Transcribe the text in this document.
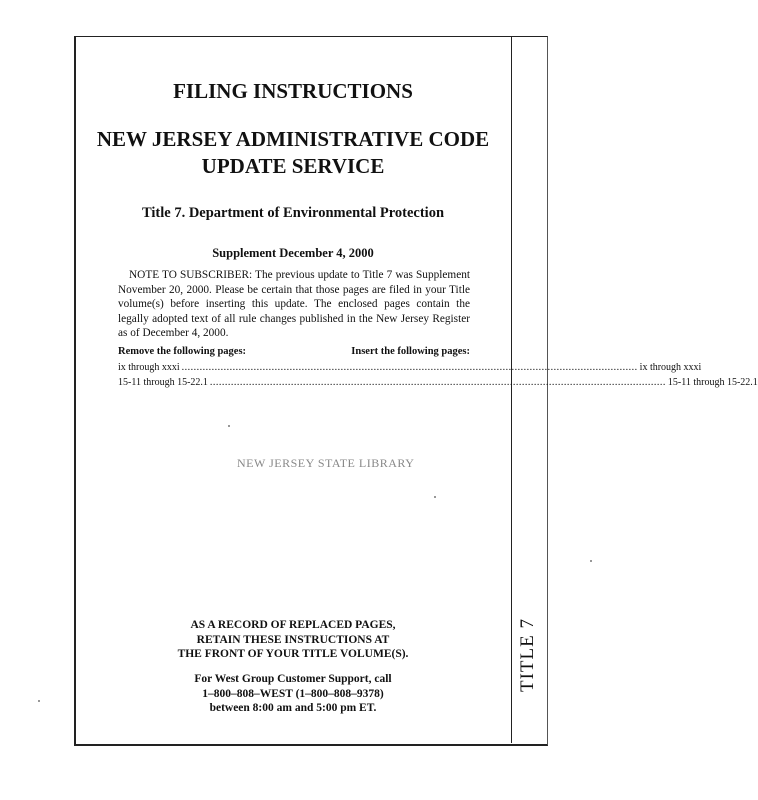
TITLE 7
FILING INSTRUCTIONS
NEW JERSEY ADMINISTRATIVE CODE
UPDATE SERVICE
Title 7. Department of Environmental Protection
Supplement December 4, 2000
NOTE TO SUBSCRIBER: The previous update to Title 7 was Supplement November 20, 2000. Please be certain that those pages are filed in your Title volume(s) before inserting this update. The enclosed pages contain the legally adopted text of all rule changes published in the New Jersey Register as of December 4, 2000.
Remove the following pages:	Insert the following pages:
ix through xxxi ........................................................................................................................................................ ix through xxxi
15-11 through 15-22.1 ........................................................................................................................................................ 15-11 through 15-22.1
NEW JERSEY STATE LIBRARY
AS A RECORD OF REPLACED PAGES,
RETAIN THESE INSTRUCTIONS AT
THE FRONT OF YOUR TITLE VOLUME(S).
For West Group Customer Support, call
1–800–808–WEST (1–800–808–9378)
between 8:00 am and 5:00 pm ET.
